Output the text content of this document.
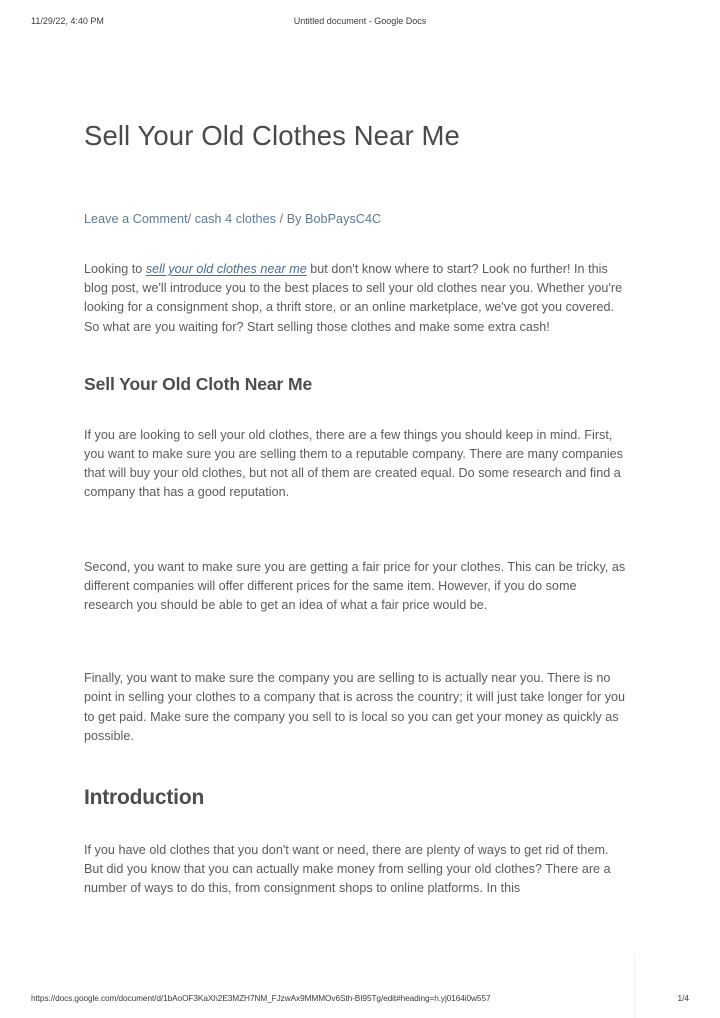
11/29/22, 4:40 PM	Untitled document - Google Docs
Sell Your Old Clothes Near Me
Leave a Comment/ cash 4 clothes / By BobPaysC4C

Looking to sell your old clothes near me but don't know where to start? Look no further! In this blog post, we'll introduce you to the best places to sell your old clothes near you. Whether you're looking for a consignment shop, a thrift store, or an online marketplace, we've got you covered. So what are you waiting for? Start selling those clothes and make some extra cash!

Sell Your Old Cloth Near Me

If you are looking to sell your old clothes, there are a few things you should keep in mind. First, you want to make sure you are selling them to a reputable company. There are many companies that will buy your old clothes, but not all of them are created equal. Do some research and find a company that has a good reputation.

Second, you want to make sure you are getting a fair price for your clothes. This can be tricky, as different companies will offer different prices for the same item. However, if you do some research you should be able to get an idea of what a fair price would be.

Finally, you want to make sure the company you are selling to is actually near you. There is no point in selling your clothes to a company that is across the country; it will just take longer for you to get paid. Make sure the company you sell to is local so you can get your money as quickly as possible.

Introduction

If you have old clothes that you don't want or need, there are plenty of ways to get rid of them. But did you know that you can actually make money from selling your old clothes? There are a number of ways to do this, from consignment shops to online platforms. In this

https://docs.google.com/document/d/1bAoOF3KaXh2E3MZH7NM_FJzwAx9MMMOv6Sth-BI95Tg/edit#heading=h.yj0164i0w557	1/4
